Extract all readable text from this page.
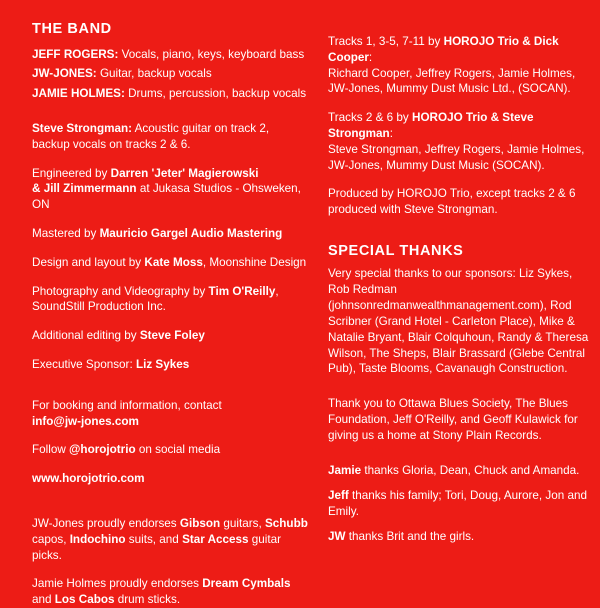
THE BAND
JEFF ROGERS: Vocals, piano, keys, keyboard bass
JW-JONES: Guitar, backup vocals
JAMIE HOLMES: Drums, percussion, backup vocals
Steve Strongman: Acoustic guitar on track 2,
backup vocals on tracks 2 & 6.
Engineered by Darren 'Jeter' Magierowski
& Jill Zimmermann at Jukasa Studios - Ohsweken, ON
Mastered by Mauricio Gargel Audio Mastering
Design and layout by Kate Moss, Moonshine Design
Photography and Videography by Tim O'Reilly,
SoundStill Production Inc.
Additional editing by Steve Foley
Executive Sponsor: Liz Sykes
For booking and information, contact
info@jw-jones.com
Follow @horojotrio on social media
www.horojotrio.com
JW-Jones proudly endorses Gibson guitars, Schubb
capos, Indochino suits, and Star Access guitar picks.
Jamie Holmes proudly endorses Dream Cymbals
and Los Cabos drum sticks.
Tracks 1, 3-5, 7-11 by HOROJO Trio & Dick Cooper:
Richard Cooper, Jeffrey Rogers, Jamie Holmes, JW-Jones, Mummy Dust Music Ltd., (SOCAN).
Tracks 2 & 6 by HOROJO Trio & Steve Strongman:
Steve Strongman, Jeffrey Rogers, Jamie Holmes, JW-Jones, Mummy Dust Music (SOCAN).
Produced by HOROJO Trio, except tracks 2 & 6
produced with Steve Strongman.
SPECIAL THANKS
Very special thanks to our sponsors: Liz Sykes, Rob Redman (johnsonredmanwealthmanagement.com), Rod Scribner (Grand Hotel - Carleton Place), Mike & Natalie Bryant, Blair Colquhoun, Randy & Theresa Wilson, The Sheps, Blair Brassard (Glebe Central Pub), Taste Blooms, Cavanaugh Construction.
Thank you to Ottawa Blues Society, The Blues Foundation, Jeff O'Reilly, and Geoff Kulawick for giving us a home at Stony Plain Records.
Jamie thanks Gloria, Dean, Chuck and Amanda.
Jeff thanks his family; Tori, Doug, Aurore, Jon and Emily.
JW thanks Brit and the girls.
